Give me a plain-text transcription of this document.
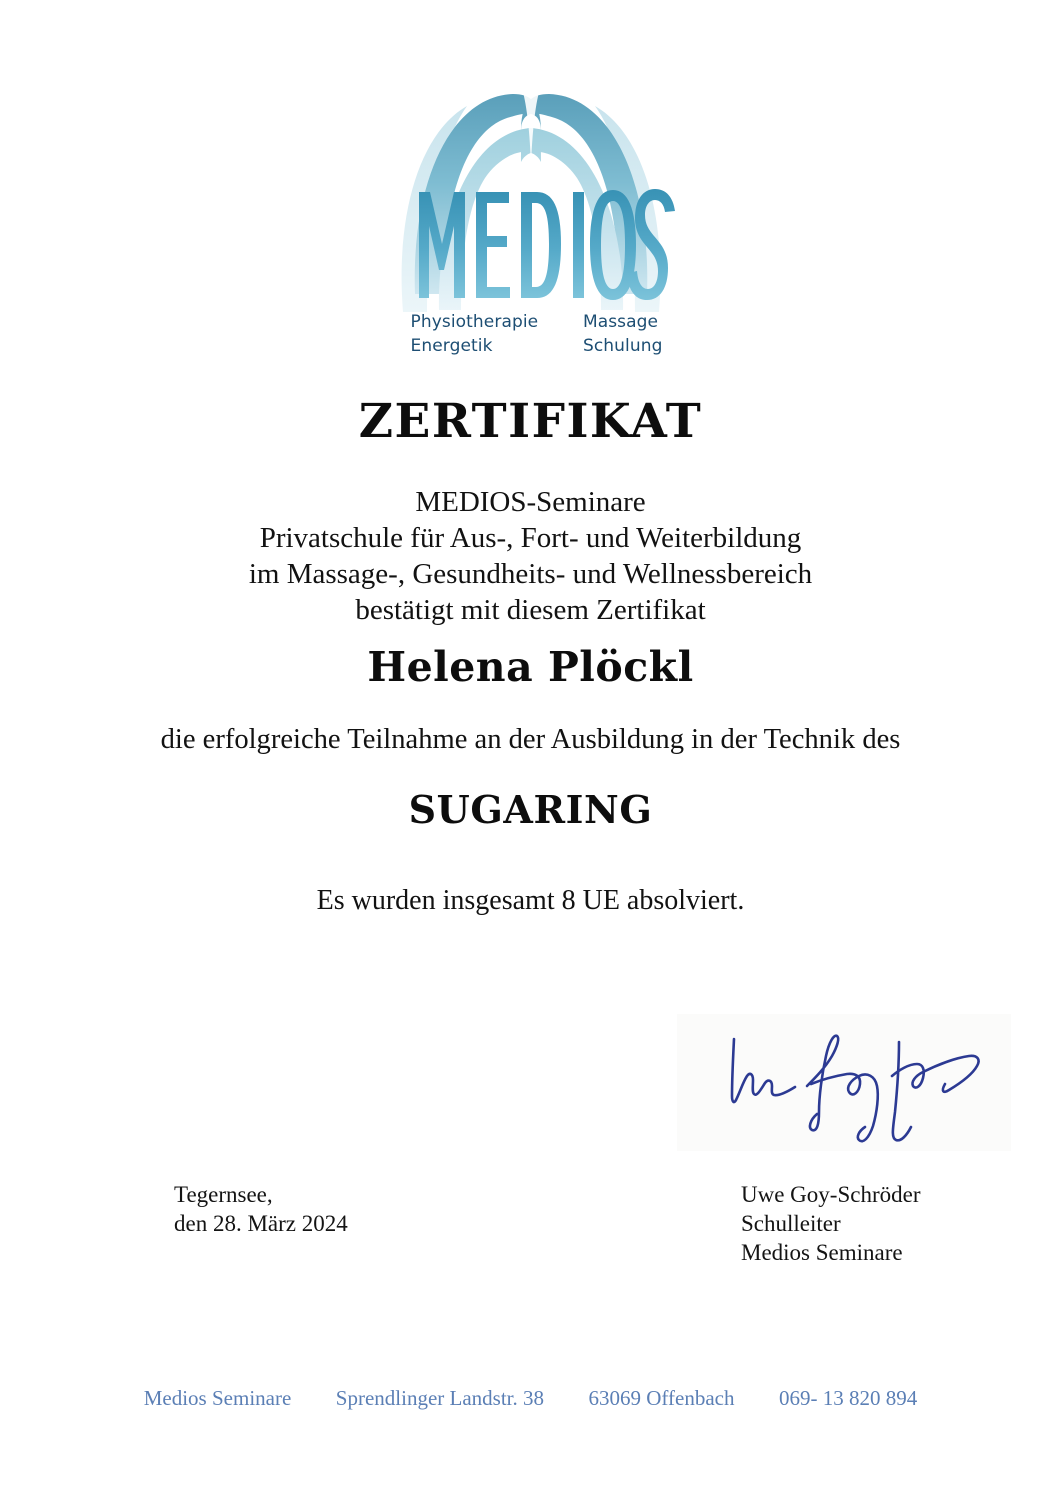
Physiotherapie
Energetik
Massage
Schulung
ZERTIFIKAT
MEDIOS-Seminare
Privatschule für Aus-, Fort- und Weiterbildung
im Massage-, Gesundheits- und Wellnessbereich
bestätigt mit diesem Zertifikat
Helena Plöckl
die erfolgreiche Teilnahme an der Ausbildung in der Technik des
SUGARING
Es wurden insgesamt 8 UE absolviert.
Tegernsee,
den 28. März 2024
Uwe Goy-Schröder
Schulleiter
Medios Seminare
Medios Seminare Sprendlinger Landstr. 38 63069 Offenbach 069- 13 820 894
